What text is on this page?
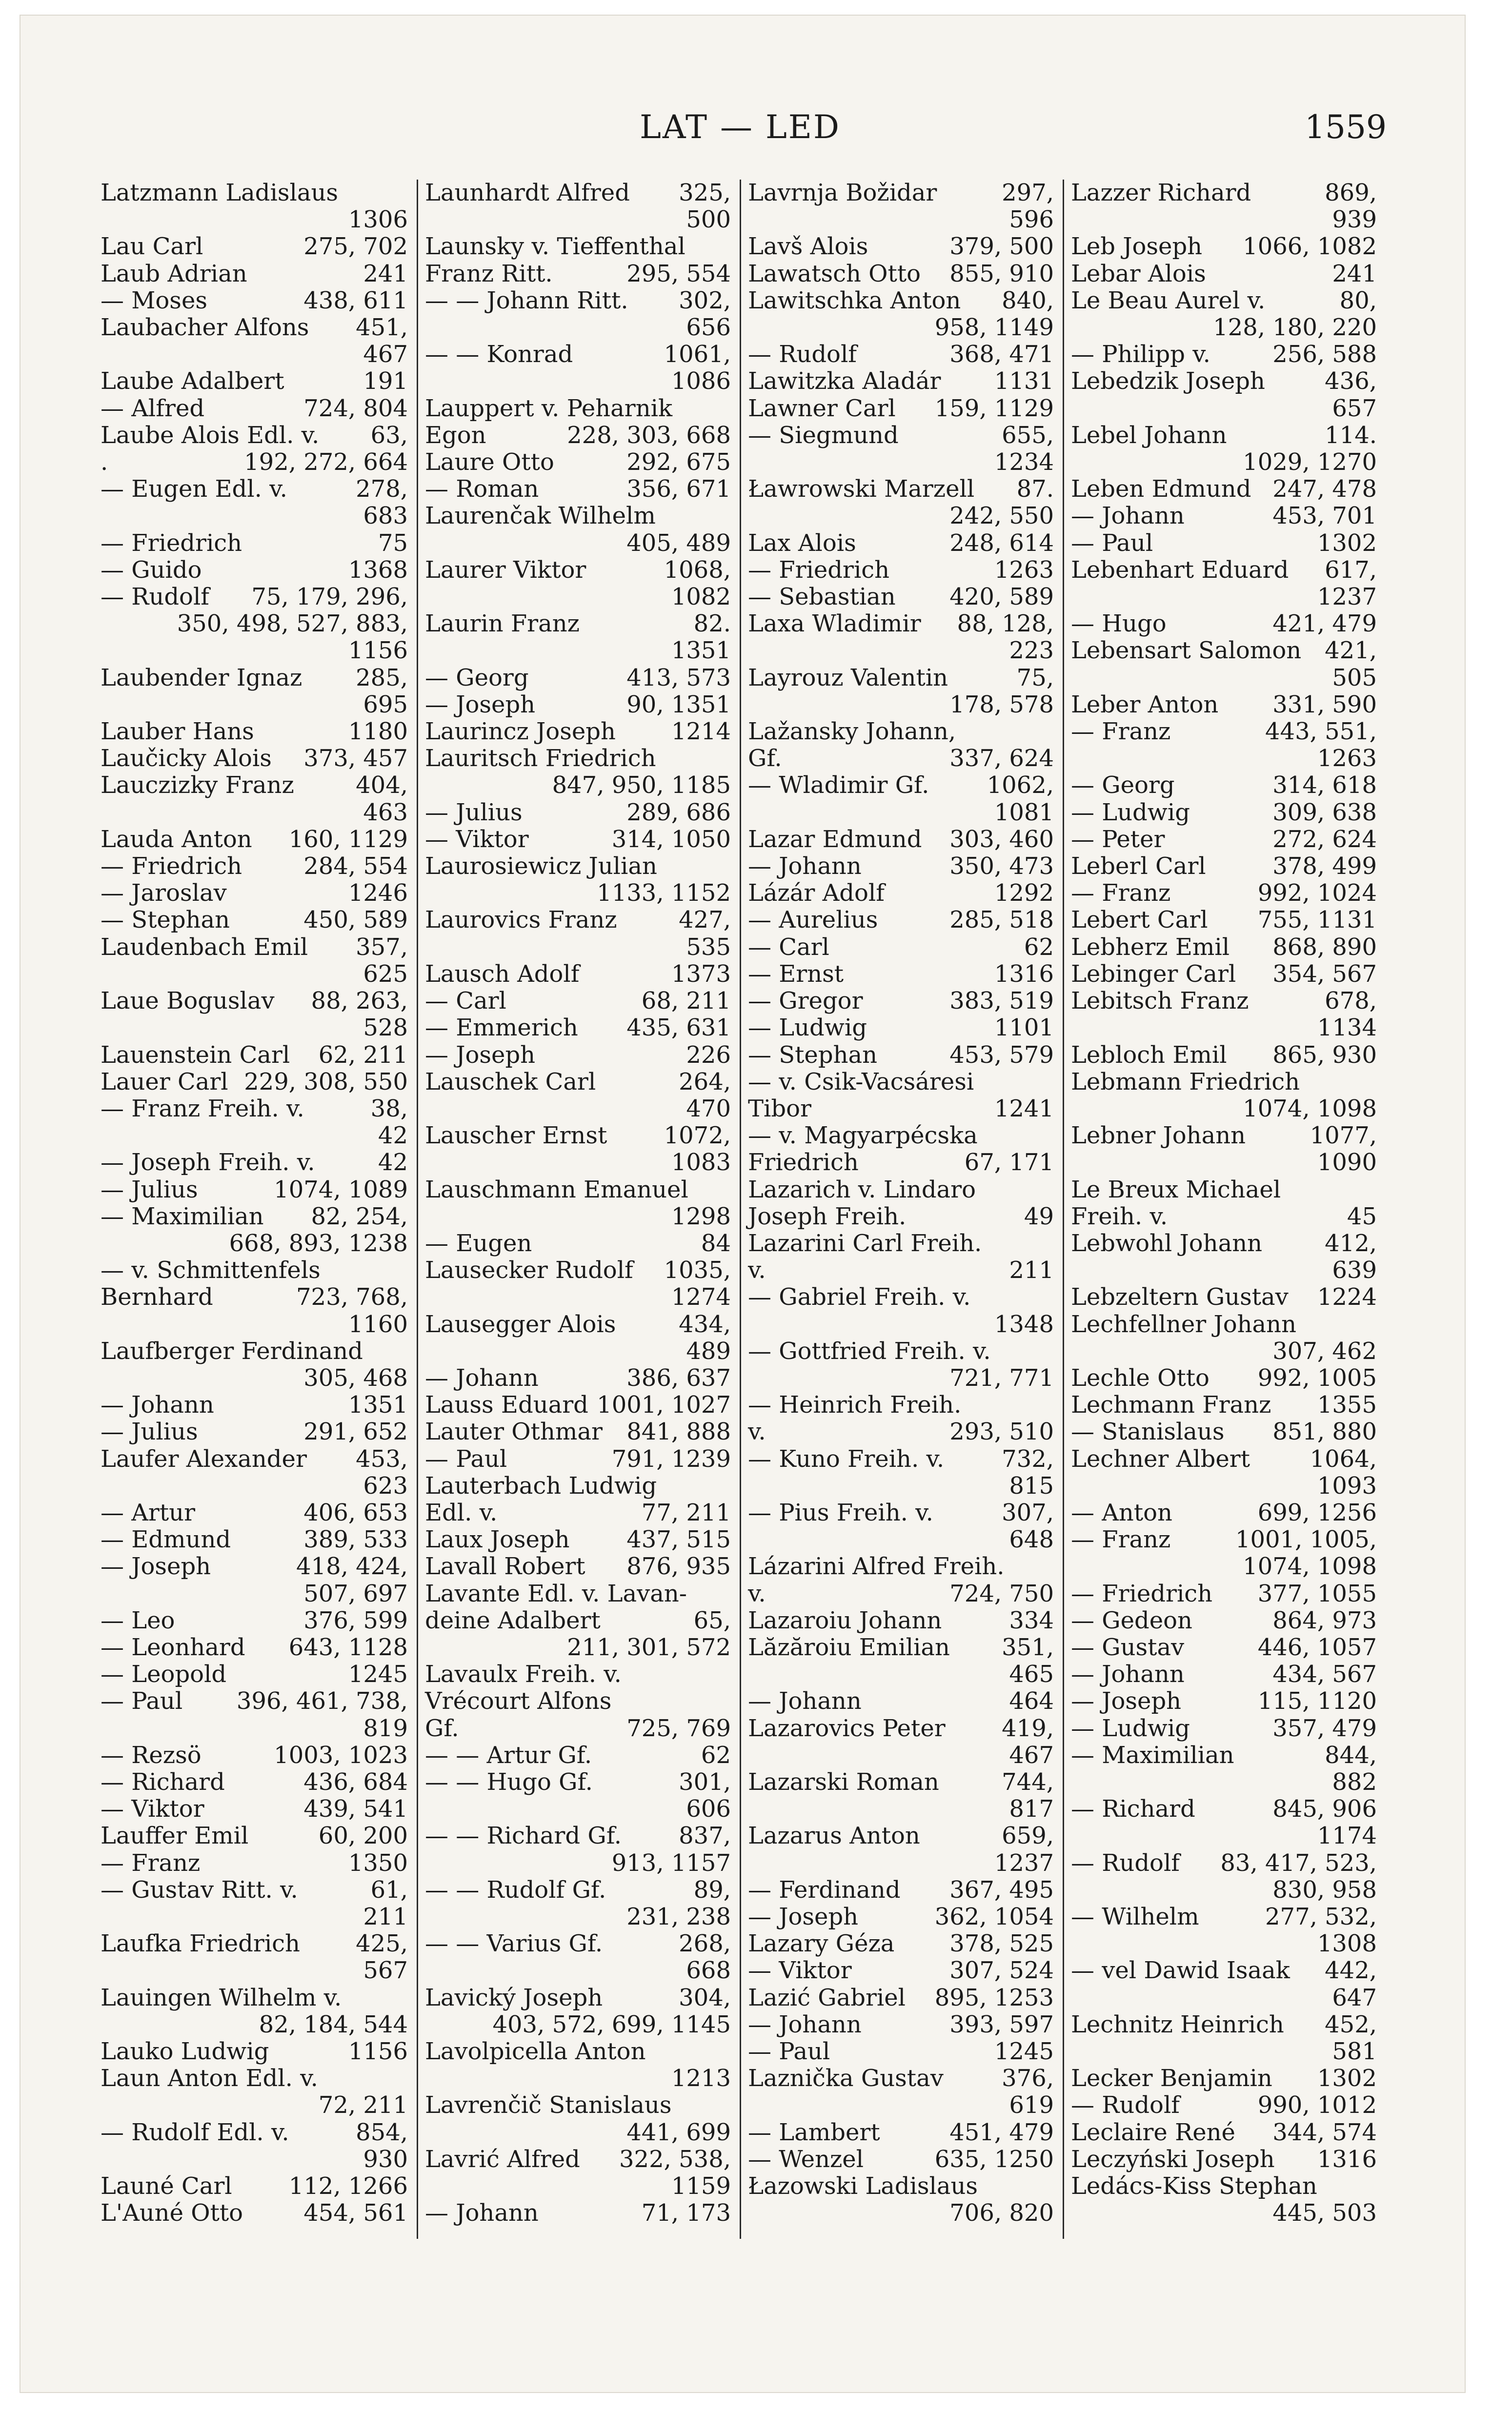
LAT — LED	1559
Latzmann Ladislaus
1306
Lau Carl	275, 702
Laub Adrian	241
— Moses	438, 611
Laubacher Alfons	451,
467
Laube Adalbert	191
— Alfred	724, 804
Laube Alois Edl. v.	63,
.	192, 272, 664
— Eugen Edl. v.	278,
683
— Friedrich	75
— Guido	1368
— Rudolf	75, 179, 296,
350, 498, 527, 883,
1156
Laubender Ignaz	285,
695
Lauber Hans	1180
Laučicky Alois	373, 457
Lauczizky Franz	404,
463
Lauda Anton	160, 1129
— Friedrich	284, 554
— Jaroslav	1246
— Stephan	450, 589
Laudenbach Emil	357,
625
Laue Boguslav	88, 263,
528
Lauenstein Carl	62, 211
Lauer Carl 229, 308, 550
— Franz Freih. v.	38,
42
— Joseph Freih. v.	42
— Julius	1074, 1089
— Maximilian	82, 254,
668, 893, 1238
— v. Schmittenfels
Bernhard	723, 768,
1160
Laufberger Ferdinand
305, 468
— Johann	1351
— Julius	291, 652
Laufer Alexander	453,
623
— Artur	406, 653
— Edmund	389, 533
— Joseph	418, 424,
507, 697
— Leo	376, 599
— Leonhard	643, 1128
— Leopold	1245
— Paul	396, 461, 738,
819
— Rezsö	1003, 1023
— Richard	436, 684
— Viktor	439, 541
Lauffer Emil	60, 200
— Franz	1350
— Gustav Ritt. v.	61,
211
Laufka Friedrich	425,
567
Lauingen Wilhelm v.
82, 184, 544
Lauko Ludwig	1156
Laun Anton Edl. v.
72, 211
— Rudolf Edl. v.	854,
930
Launé Carl	112, 1266
L'Auné Otto	454, 561
Launhardt Alfred	325,
500
Launsky v. Tieffenthal
Franz Ritt.	295, 554
— — Johann Ritt.	302,
656
— — Konrad	1061,
1086
Lauppert v. Peharnik
Egon	228, 303, 668
Laure Otto	292, 675
— Roman	356, 671
Laurenčak Wilhelm
405, 489
Laurer Viktor	1068,
1082
Laurin Franz	82.
1351
— Georg	413, 573
— Joseph	90, 1351
Laurincz Joseph	1214
Lauritsch Friedrich
847, 950, 1185
— Julius	289, 686
— Viktor	314, 1050
Laurosiewicz Julian
1133, 1152
Laurovics Franz	427,
535
Lausch Adolf	1373
— Carl	68, 211
— Emmerich	435, 631
— Joseph	226
Lauschek Carl	264,
470
Lauscher Ernst	1072,
1083
Lauschmann Emanuel
1298
— Eugen	84
Lausecker Rudolf	1035,
1274
Lausegger Alois	434,
489
— Johann	386, 637
Lauss Eduard 1001, 1027
Lauter Othmar	841, 888
— Paul	791, 1239
Lauterbach Ludwig
Edl. v.	77, 211
Laux Joseph	437, 515
Lavall Robert	876, 935
Lavante Edl. v. Lavan-
deine Adalbert	65,
211, 301, 572
Lavaulx Freih. v.
Vrécourt Alfons
Gf.	725, 769
— — Artur Gf.	62
— — Hugo Gf.	301,
606
— — Richard Gf.	837,
913, 1157
— — Rudolf Gf.	89,
231, 238
— — Varius Gf.	268,
668
Lavický Joseph	304,
403, 572, 699, 1145
Lavolpicella Anton
1213
Lavrenčič Stanislaus
441, 699
Lavrić Alfred	322, 538,
1159
— Johann	71, 173
Lavrnja Božidar	297,
596
Lavš Alois	379, 500
Lawatsch Otto	855, 910
Lawitschka Anton	840,
958, 1149
— Rudolf	368, 471
Lawitzka Aladár	1131
Lawner Carl	159, 1129
— Siegmund	655,
1234
Ławrowski Marzell	87.
242, 550
Lax Alois	248, 614
— Friedrich	1263
— Sebastian	420, 589
Laxa Wladimir	88, 128,
223
Layrouz Valentin	75,
178, 578
Lažansky Johann,
Gf.	337, 624
— Wladimir Gf.	1062,
1081
Lazar Edmund	303, 460
— Johann	350, 473
Lázár Adolf	1292
— Aurelius	285, 518
— Carl	62
— Ernst	1316
— Gregor	383, 519
— Ludwig	1101
— Stephan	453, 579
— v. Csik-Vacsáresi
Tibor	1241
— v. Magyarpécska
Friedrich	67, 171
Lazarich v. Lindaro
Joseph Freih.	49
Lazarini Carl Freih.
v.	211
— Gabriel Freih. v.
1348
— Gottfried Freih. v.
721, 771
— Heinrich Freih.
v.	293, 510
— Kuno Freih. v.	732,
815
— Pius Freih. v.	307,
648
Lázarini Alfred Freih.
v.	724, 750
Lazaroiu Johann	334
Lăzăroiu Emilian	351,
465
— Johann	464
Lazarovics Peter	419,
467
Lazarski Roman	744,
817
Lazarus Anton	659,
1237
— Ferdinand	367, 495
— Joseph	362, 1054
Lazary Géza	378, 525
— Viktor	307, 524
Lazić Gabriel	895, 1253
— Johann	393, 597
— Paul	1245
Laznička Gustav	376,
619
— Lambert	451, 479
— Wenzel	635, 1250
Łazowski Ladislaus
706, 820
Lazzer Richard	869,
939
Leb Joseph	1066, 1082
Lebar Alois	241
Le Beau Aurel v.	80,
128, 180, 220
— Philipp v.	256, 588
Lebedzik Joseph	436,
657
Lebel Johann	114.
1029, 1270
Leben Edmund 247, 478
— Johann	453, 701
— Paul	1302
Lebenhart Eduard	617,
1237
— Hugo	421, 479
Lebensart Salomon 421,
505
Leber Anton	331, 590
— Franz	443, 551,
1263
— Georg	314, 618
— Ludwig	309, 638
— Peter	272, 624
Leberl Carl	378, 499
— Franz	992, 1024
Lebert Carl	755, 1131
Lebherz Emil	868, 890
Lebinger Carl	354, 567
Lebitsch Franz	678,
1134
Lebloch Emil	865, 930
Lebmann Friedrich
1074, 1098
Lebner Johann	1077,
1090
Le Breux Michael
Freih. v.	45
Lebwohl Johann	412,
639
Lebzeltern Gustav	1224
Lechfellner Johann
307, 462
Lechle Otto	992, 1005
Lechmann Franz	1355
— Stanislaus	851, 880
Lechner Albert	1064,
1093
— Anton	699, 1256
— Franz	1001, 1005,
1074, 1098
— Friedrich	377, 1055
— Gedeon	864, 973
— Gustav	446, 1057
— Johann	434, 567
— Joseph	115, 1120
— Ludwig	357, 479
— Maximilian	844,
882
— Richard	845, 906
1174
— Rudolf	83, 417, 523,
830, 958
— Wilhelm	277, 532,
1308
— vel Dawid Isaak	442,
647
Lechnitz Heinrich	452,
581
Lecker Benjamin	1302
— Rudolf	990, 1012
Leclaire René	344, 574
Leczyński Joseph	1316
Ledács-Kiss Stephan
445, 503
